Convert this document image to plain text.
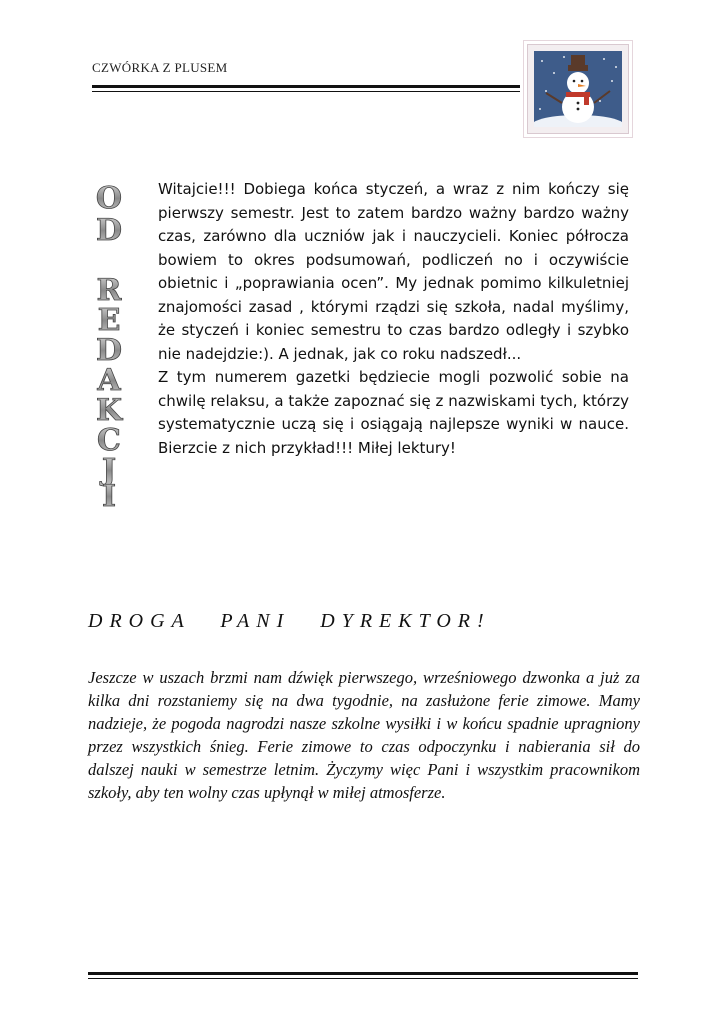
CZWÓRKA Z PLUSEM
O
D
R
E
D
A
K
C
J
I

Witajcie!!! Dobiega końca styczeń, a wraz z nim kończy się pierwszy semestr. Jest to zatem bardzo ważny bardzo ważny czas, zarówno dla uczniów jak i nauczycieli. Koniec półrocza bowiem to okres podsumowań, podliczeń no i oczywiście obietnic i „poprawiania ocen”. My jednak pomimo kilkuletniej znajomości zasad , którymi rządzi się szkoła, nadal myślimy, że styczeń i koniec semestru to czas bardzo odległy i szybko nie nadejdzie:). A jednak, jak co roku nadszedł...

Z tym numerem gazetki będziecie mogli pozwolić sobie na chwilę relaksu, a także zapoznać się z nazwiskami tych, którzy systematycznie uczą się i osiągają najlepsze wyniki w nauce. Bierzcie z nich przykład!!! Miłej lektury!

DROGA PANI DYREKTOR!
Jeszcze w uszach brzmi nam dźwięk pierwszego, wrześniowego dzwonka a już za kilka dni rozstaniemy się na dwa tygodnie, na zasłużone ferie zimowe. Mamy nadzieje, że pogoda nagrodzi nasze szkolne wysiłki i w końcu spadnie upragniony przez wszystkich śnieg. Ferie zimowe to czas odpoczynku i nabierania sił do dalszej nauki w semestrze letnim. Życzymy więc Pani i wszystkim pracownikom szkoły, aby ten wolny czas upłynął w miłej atmosferze.
